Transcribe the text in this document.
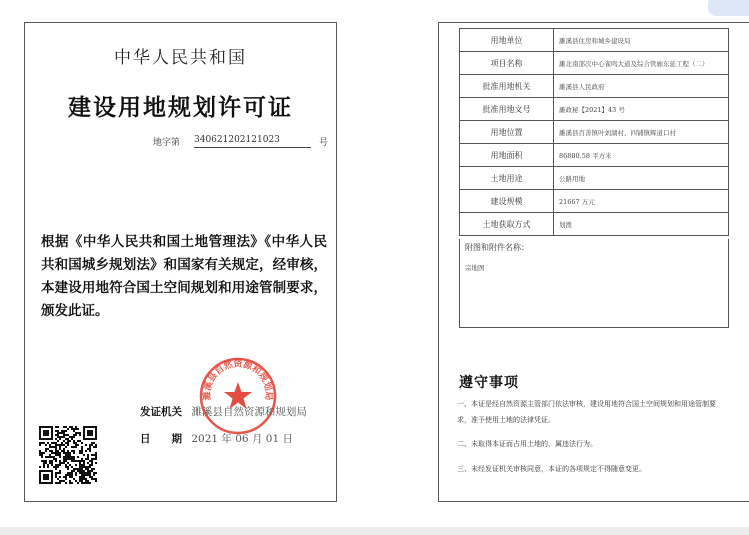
中华人民共和国
建设用地规划许可证
地字第 340621202121023	号
根据《中华人民共和国土地管理法》《中华人民共和国城乡规划法》和国家有关规定，经审核，本建设用地符合国土空间规划和用途管制要求，颁发此证。
濉溪县自然资源和规划局
发证机关 濉溪县自然资源和规划局
日　　期 2021 年 06 月 01 日
用地单位	濉溪县住房和城乡建设局
项目名称	濉北南部次中心雀鸣大道及综合管廊东延工程（二）
批准用地机关	濉溪县人民政府
批准用地文号	濉政秘【2021】43 号
用地位置	濉溪县百善镇叶刘湖村、四铺镇辉道口村
用地面积	86800.58 平方米
土地用途	公路用地
建设规模	21667 万元
土地获取方式	划拨
附图和附件名称：
宗地图
遵守事项
一、本证是经自然资源主管部门依法审核，建设用地符合国土空间规划和用途管制要求，准予使用土地的法律凭证。
二、未取得本证而占用土地的，属违法行为。
三、未经发证机关审核同意，本证的各项规定不得随意变更。
